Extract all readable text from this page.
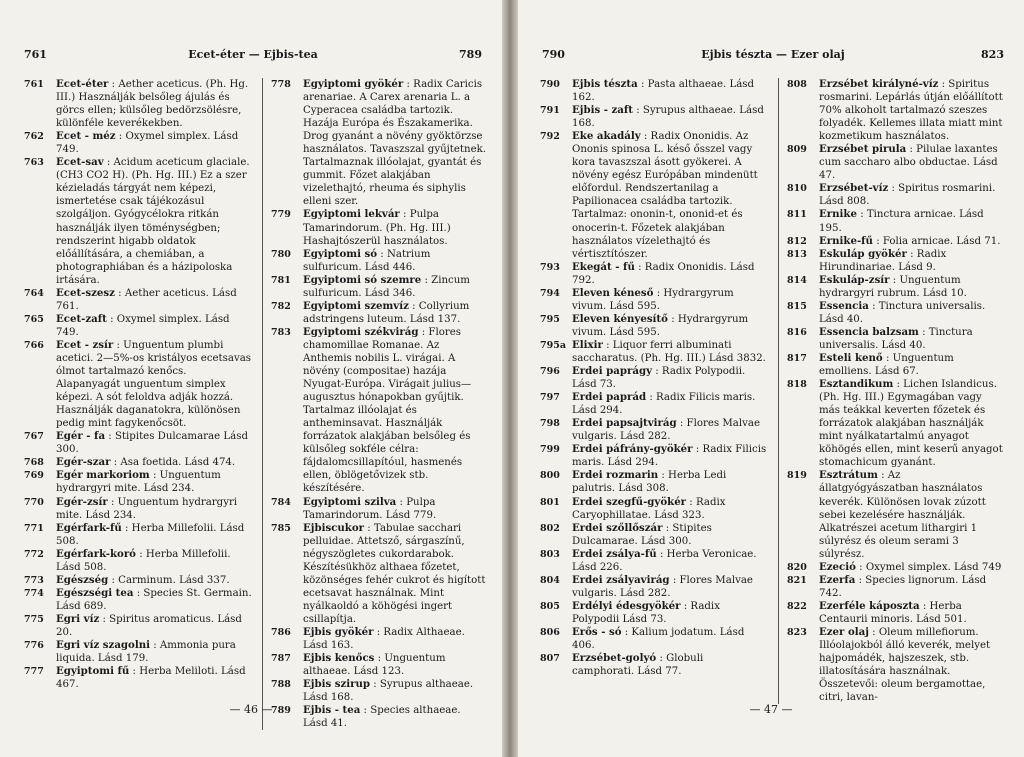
761	Ecet-éter — Ejbis-tea	789
761	Ecet-éter : Aether aceticus. (Ph. Hg. III.) Használják belsőleg ájulás és görcs ellen; külsőleg bedörzsölésre, különféle keverékekben.
762	Ecet - méz : Oxymel simplex. Lásd 749.
763	Ecet-sav : Acidum aceticum glaciale. (CH3 CO2 H). (Ph. Hg. III.) Ez a szer kézieladás tárgyát nem képezi, ismertetése csak tájékozásul szolgáljon. Gyógycélokra ritkán használják ilyen töménységben; rendszerint higabb oldatok előállítására, a chemiában, a photographiában és a házipoloska irtására.
764	Ecet-szesz : Aether aceticus. Lásd 761.
765	Ecet-zaft : Oxymel simplex. Lásd 749.
766	Ecet - zsír : Unguentum plumbi acetici. 2—5%-os kristályos ecetsavas ólmot tartalmazó kenőcs. Alapanyagát unguentum simplex képezi. A sót feloldva adják hozzá. Használják daganatokra, különösen pedig mint fagykenőcsöt.
767	Egér - fa : Stipites Dulcamarae Lásd 300.
768	Egér-szar : Asa foetida. Lásd 474.
769	Egér markoriom : Unguentum hydrargyri mite. Lásd 234.
770	Egér-zsír : Unguentum hydrargyri mite. Lásd 234.
771	Egérfark-fű : Herba Millefolii. Lásd 508.
772	Egérfark-koró : Herba Millefolii. Lásd 508.
773	Egészség : Carminum. Lásd 337.
774	Egészségi tea : Species St. Germain. Lásd 689.
775	Egri víz : Spiritus aromaticus. Lásd 20.
776	Egri víz szagolni : Ammonia pura liquida. Lásd 179.
777	Egyiptomi fű : Herba Meliloti. Lásd 467.
778	Egyiptomi gyökér : Radix Caricis arenariae. A Carex arenaria L. a Cyperacea családba tartozik. Hazája Európa és Északamerika. Drog gyanánt a növény gyöktörzse használatos. Tavaszszal gyűjtetnek. Tartalmaznak illóolajat, gyantát és gummit. Főzet alakjában vizelethajtó, rheuma és siphylis elleni szer.
779	Egyiptomi lekvár : Pulpa Tamarindorum. (Ph. Hg. III.) Hashajtószerül használatos.
780	Egyiptomi só : Natrium sulfuricum. Lásd 446.
781	Egyiptomi só szemre : Zincum sulfuricum. Lásd 346.
782	Egyiptomi szemvíz : Collyrium adstringens luteum. Lásd 137.
783	Egyiptomi székvirág : Flores chamomillae Romanae. Az Anthemis nobilis L. virágai. A növény (compositae) hazája Nyugat-Európa. Virágait julius—augusztus hónapokban gyűjtik. Tartalmaz illóolajat és antheminsavat. Használják forrázatok alakjában belsőleg és külsőleg sokféle célra: fájdalomcsillapítóul, hasmenés ellen, öblögetővizek stb. készítésére.
784	Egyiptomi szilva : Pulpa Tamarindorum. Lásd 779.
785	Ejbiscukor : Tabulae sacchari pelluidae. Attetsző, sárgaszínű, négyszögletes cukordarabok. Készítésükhöz althaea főzetet, közönséges fehér cukrot és higított ecetsavat használnak. Mint nyálkaoldó a köhögési ingert csillapítja.
786	Ejbis gyökér : Radix Althaeae. Lásd 163.
787	Ejbis kenőcs : Unguentum althaeae. Lásd 123.
788	Ejbis szirup : Syrupus althaeae. Lásd 168.
789	Ejbis - tea : Species althaeae. Lásd 41.
— 46 —
790	Ejbis tészta — Ezer olaj	823
790	Ejbis tészta : Pasta althaeae. Lásd 162.
791	Ejbis - zaft : Syrupus althaeae. Lásd 168.
792	Eke akadály : Radix Ononidis. Az Ononis spinosa L. késő ősszel vagy kora tavaszszal ásott gyökerei. A növény egész Európában mindenütt előfordul. Rendszertanilag a Papilionacea családba tartozik. Tartalmaz: ononin-t, ononid-et és onocerin-t. Főzetek alakjában használatos vízelethajtó és vértisztítószer.
793	Ekegát - fű : Radix Ononidis. Lásd 792.
794	Eleven kéneső : Hydrargyrum vivum. Lásd 595.
795	Eleven kényesítő : Hydrargyrum vivum. Lásd 595.
795a Elixir : Liquor ferri albuminati saccharatus. (Ph. Hg. III.) Lásd 3832.
796	Erdei paprágy : Radix Polypodii. Lásd 73.
797	Erdei paprád : Radix Filicis maris. Lásd 294.
798	Erdei papsajtvirág : Flores Malvae vulgaris. Lásd 282.
799	Erdei páfrány-gyökér : Radix Filicis maris. Lásd 294.
800	Erdei rozmarin : Herba Ledi palutris. Lásd 308.
801	Erdei szegfű-gyökér : Radix Caryophillatae. Lásd 323.
802	Erdei szőllőszár : Stipites Dulcamarae. Lásd 300.
803	Erdei zsálya-fű : Herba Veronicae. Lásd 226.
804	Erdei zsályavirág : Flores Malvae vulgaris. Lásd 282.
805	Erdélyi édesgyökér : Radix Polypodii Lásd 73.
806	Erős - só : Kalium jodatum. Lásd 406.
807	Erzsébet-golyó : Globuli camphorati. Lásd 77.
808	Erzsébet királyné-víz : Spiritus rosmarini. Lepárlás útján előállított 70% alkoholt tartalmazó szeszes folyadék. Kellemes illata miatt mint kozmetikum használatos.
809	Erzsébet pirula : Pilulae laxantes cum saccharo albo obductae. Lásd 47.
810	Erzsébet-víz : Spiritus rosmarini. Lásd 808.
811	Ernike : Tinctura arnicae. Lásd 195.
812	Ernike-fű : Folia arnicae. Lásd 71.
813	Eskuláp gyökér : Radix Hirundinariae. Lásd 9.
814	Eskuláp-zsír : Unguentum hydrargyri rubrum. Lásd 10.
815	Essencia : Tinctura universalis. Lásd 40.
816	Essencia balzsam : Tinctura universalis. Lásd 40.
817	Esteli kenő : Unguentum emolliens. Lásd 67.
818	Esztandikum : Lichen Islandicus. (Ph. Hg. III.) Egymagában vagy más teákkal keverten főzetek és forrázatok alakjában használják mint nyálkatartalmú anyagot köhögés ellen, mint keserű anyagot stomachicum gyanánt.
819	Esztrátum : Az állatgyógyászatban használatos keverék. Különösen lovak zúzott sebei kezelésére használják. Alkatrészei acetum lithargiri 1 súlyrész és oleum serami 3 súlyrész.
820	Ezeció : Oxymel simplex. Lásd 749
821	Ezerfa : Species lignorum. Lásd 742.
822	Ezerféle káposzta : Herba Centaurii minoris. Lásd 501.
823	Ezer olaj : Oleum millefiorum. Illóolajokból álló keverék, melyet hajpomádék, hajszeszek, stb. illatosítására használnak. Összetevői: oleum bergamottae, citri, lavan-
— 47 —
